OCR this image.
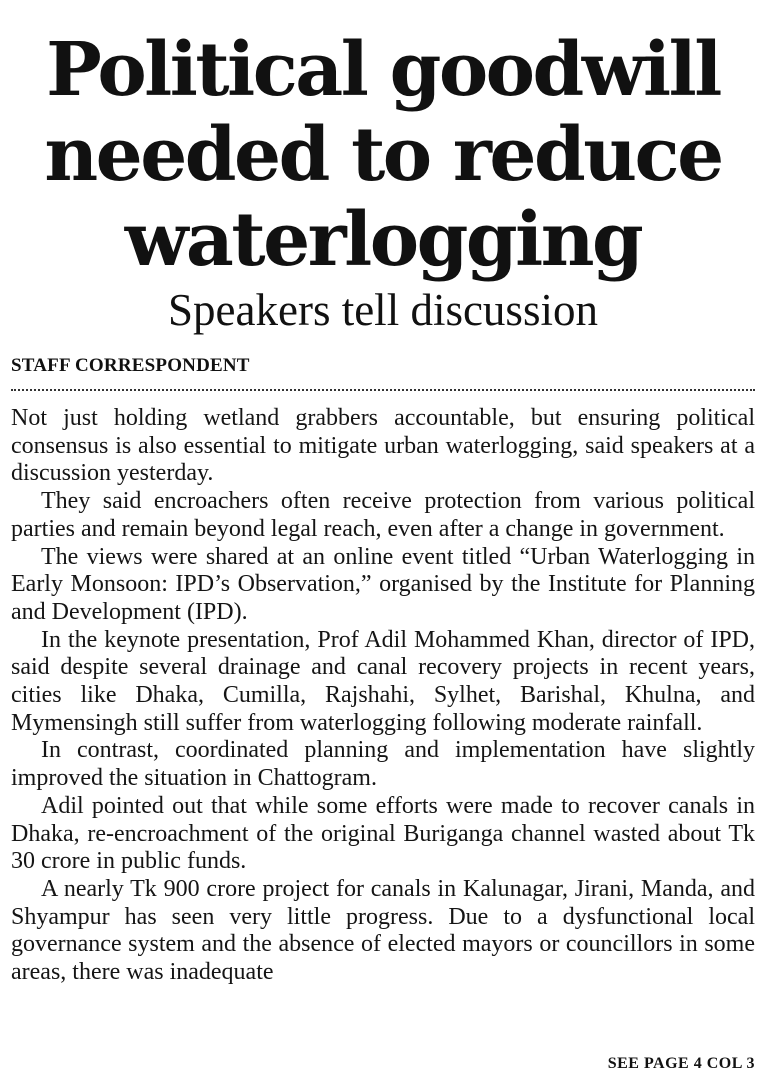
Political goodwill
needed to reduce
waterlogging
Speakers tell discussion
STAFF CORRESPONDENT

Not just holding wetland grabbers accountable, but ensuring political consensus is also essential to mitigate urban waterlogging, said speakers at a discussion yesterday.

They said encroachers often receive protection from various political parties and remain beyond legal reach, even after a change in government.

The views were shared at an online event titled “Urban Waterlogging in Early Monsoon: IPD’s Observation,” organised by the Institute for Planning and Development (IPD).

In the keynote presentation, Prof Adil Mohammed Khan, director of IPD, said despite several drainage and canal recovery projects in recent years, cities like Dhaka, Cumilla, Rajshahi, Sylhet, Barishal, Khulna, and Mymensingh still suffer from waterlogging following moderate rainfall.

In contrast, coordinated planning and implementation have slightly improved the situation in Chattogram.

Adil pointed out that while some efforts were made to recover canals in Dhaka, re-encroachment of the original Buriganga channel wasted about Tk 30 crore in public funds.

A nearly Tk 900 crore project for canals in Kalunagar, Jirani, Manda, and Shyampur has seen very little progress. Due to a dysfunctional local governance system and the absence of elected mayors or councillors in some areas, there was inadequate

SEE PAGE 4 COL 3
